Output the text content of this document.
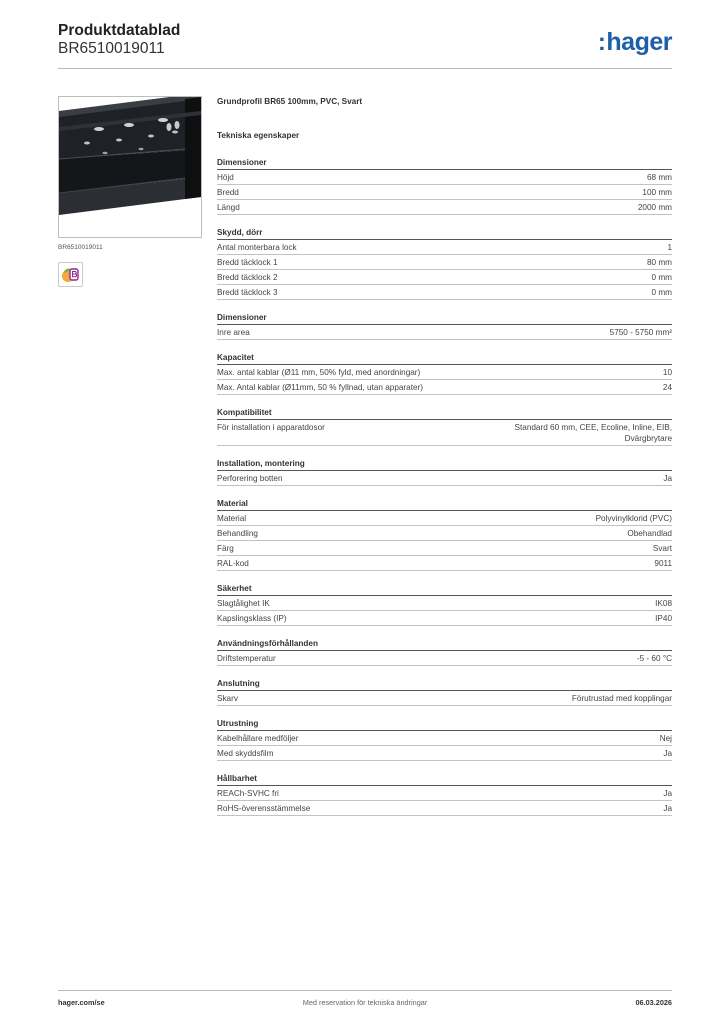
Produktdatablad
BR6510019011	:hager
BR6510019011
Grundprofil BR65 100mm, PVC, Svart
Tekniska egenskaper
Dimensioner
Höjd	68 mm
Bredd	100 mm
Längd	2000 mm
Skydd, dörr
Antal monterbara lock	1
Bredd täcklock 1	80 mm
Bredd täcklock 2	0 mm
Bredd täcklock 3	0 mm
Dimensioner
Inre area	5750 - 5750 mm²
Kapacitet
Max. antal kablar (Ø11 mm, 50% fyld, med anordningar)	10
Max. Antal kablar (Ø11mm, 50 % fyllnad, utan apparater)	24
Kompatibilitet
För installation i apparatdosor	Standard 60 mm, CEE, Ecoline, Inline, EIB, Dvärgbrytare
Installation, montering
Perforering botten	Ja
Material
Material	Polyvinylklorid (PVC)
Behandling	Obehandlad
Färg	Svart
RAL-kod	9011
Säkerhet
Slagtålighet IK	IK08
Kapslingsklass (IP)	IP40
Användningsförhållanden
Driftstemperatur	-5 - 60 °C
Anslutning
Skarv	Förutrustad med kopplingar
Utrustning
Kabelhållare medföljer	Nej
Med skyddsfilm	Ja
Hållbarhet
REACh-SVHC fri	Ja
RoHS-överensstämmelse	Ja
hager.com/se	Med reservation för tekniska ändringar	06.03.2026
